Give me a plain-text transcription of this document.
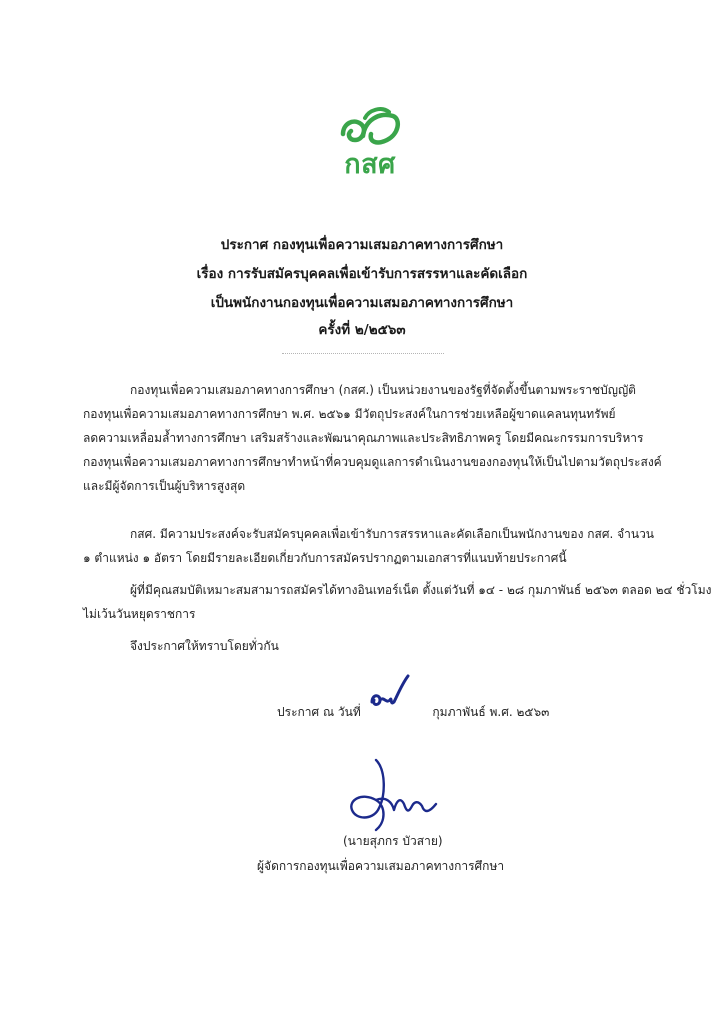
กสศ
ประกาศ กองทุนเพื่อความเสมอภาคทางการศึกษา
เรื่อง การรับสมัครบุคคลเพื่อเข้ารับการสรรหาและคัดเลือก
เป็นพนักงานกองทุนเพื่อความเสมอภาคทางการศึกษา
ครั้งที่ ๒/๒๕๖๓
กองทุนเพื่อความเสมอภาคทางการศึกษา (กสศ.) เป็นหน่วยงานของรัฐที่จัดตั้งขึ้นตามพระราชบัญญัติ
กองทุนเพื่อความเสมอภาคทางการศึกษา พ.ศ. ๒๕๖๑ มีวัตถุประสงค์ในการช่วยเหลือผู้ขาดแคลนทุนทรัพย์
ลดความเหลื่อมล้ำทางการศึกษา เสริมสร้างและพัฒนาคุณภาพและประสิทธิภาพครู โดยมีคณะกรรมการบริหาร
กองทุนเพื่อความเสมอภาคทางการศึกษาทำหน้าที่ควบคุมดูแลการดำเนินงานของกองทุนให้เป็นไปตามวัตถุประสงค์
และมีผู้จัดการเป็นผู้บริหารสูงสุด
กสศ. มีความประสงค์จะรับสมัครบุคคลเพื่อเข้ารับการสรรหาและคัดเลือกเป็นพนักงานของ กสศ. จำนวน
๑ ตำแหน่ง ๑ อัตรา โดยมีรายละเอียดเกี่ยวกับการสมัครปรากฏตามเอกสารที่แนบท้ายประกาศนี้
ผู้ที่มีคุณสมบัติเหมาะสมสามารถสมัครได้ทางอินเทอร์เน็ต ตั้งแต่วันที่ ๑๔ - ๒๘ กุมภาพันธ์ ๒๕๖๓ ตลอด ๒๔ ชั่วโมง
ไม่เว้นวันหยุดราชการ
จึงประกาศให้ทราบโดยทั่วกัน
ประกาศ ณ วันที่	กุมภาพันธ์ พ.ศ. ๒๕๖๓
(นายสุภกร บัวสาย)
ผู้จัดการกองทุนเพื่อความเสมอภาคทางการศึกษา
